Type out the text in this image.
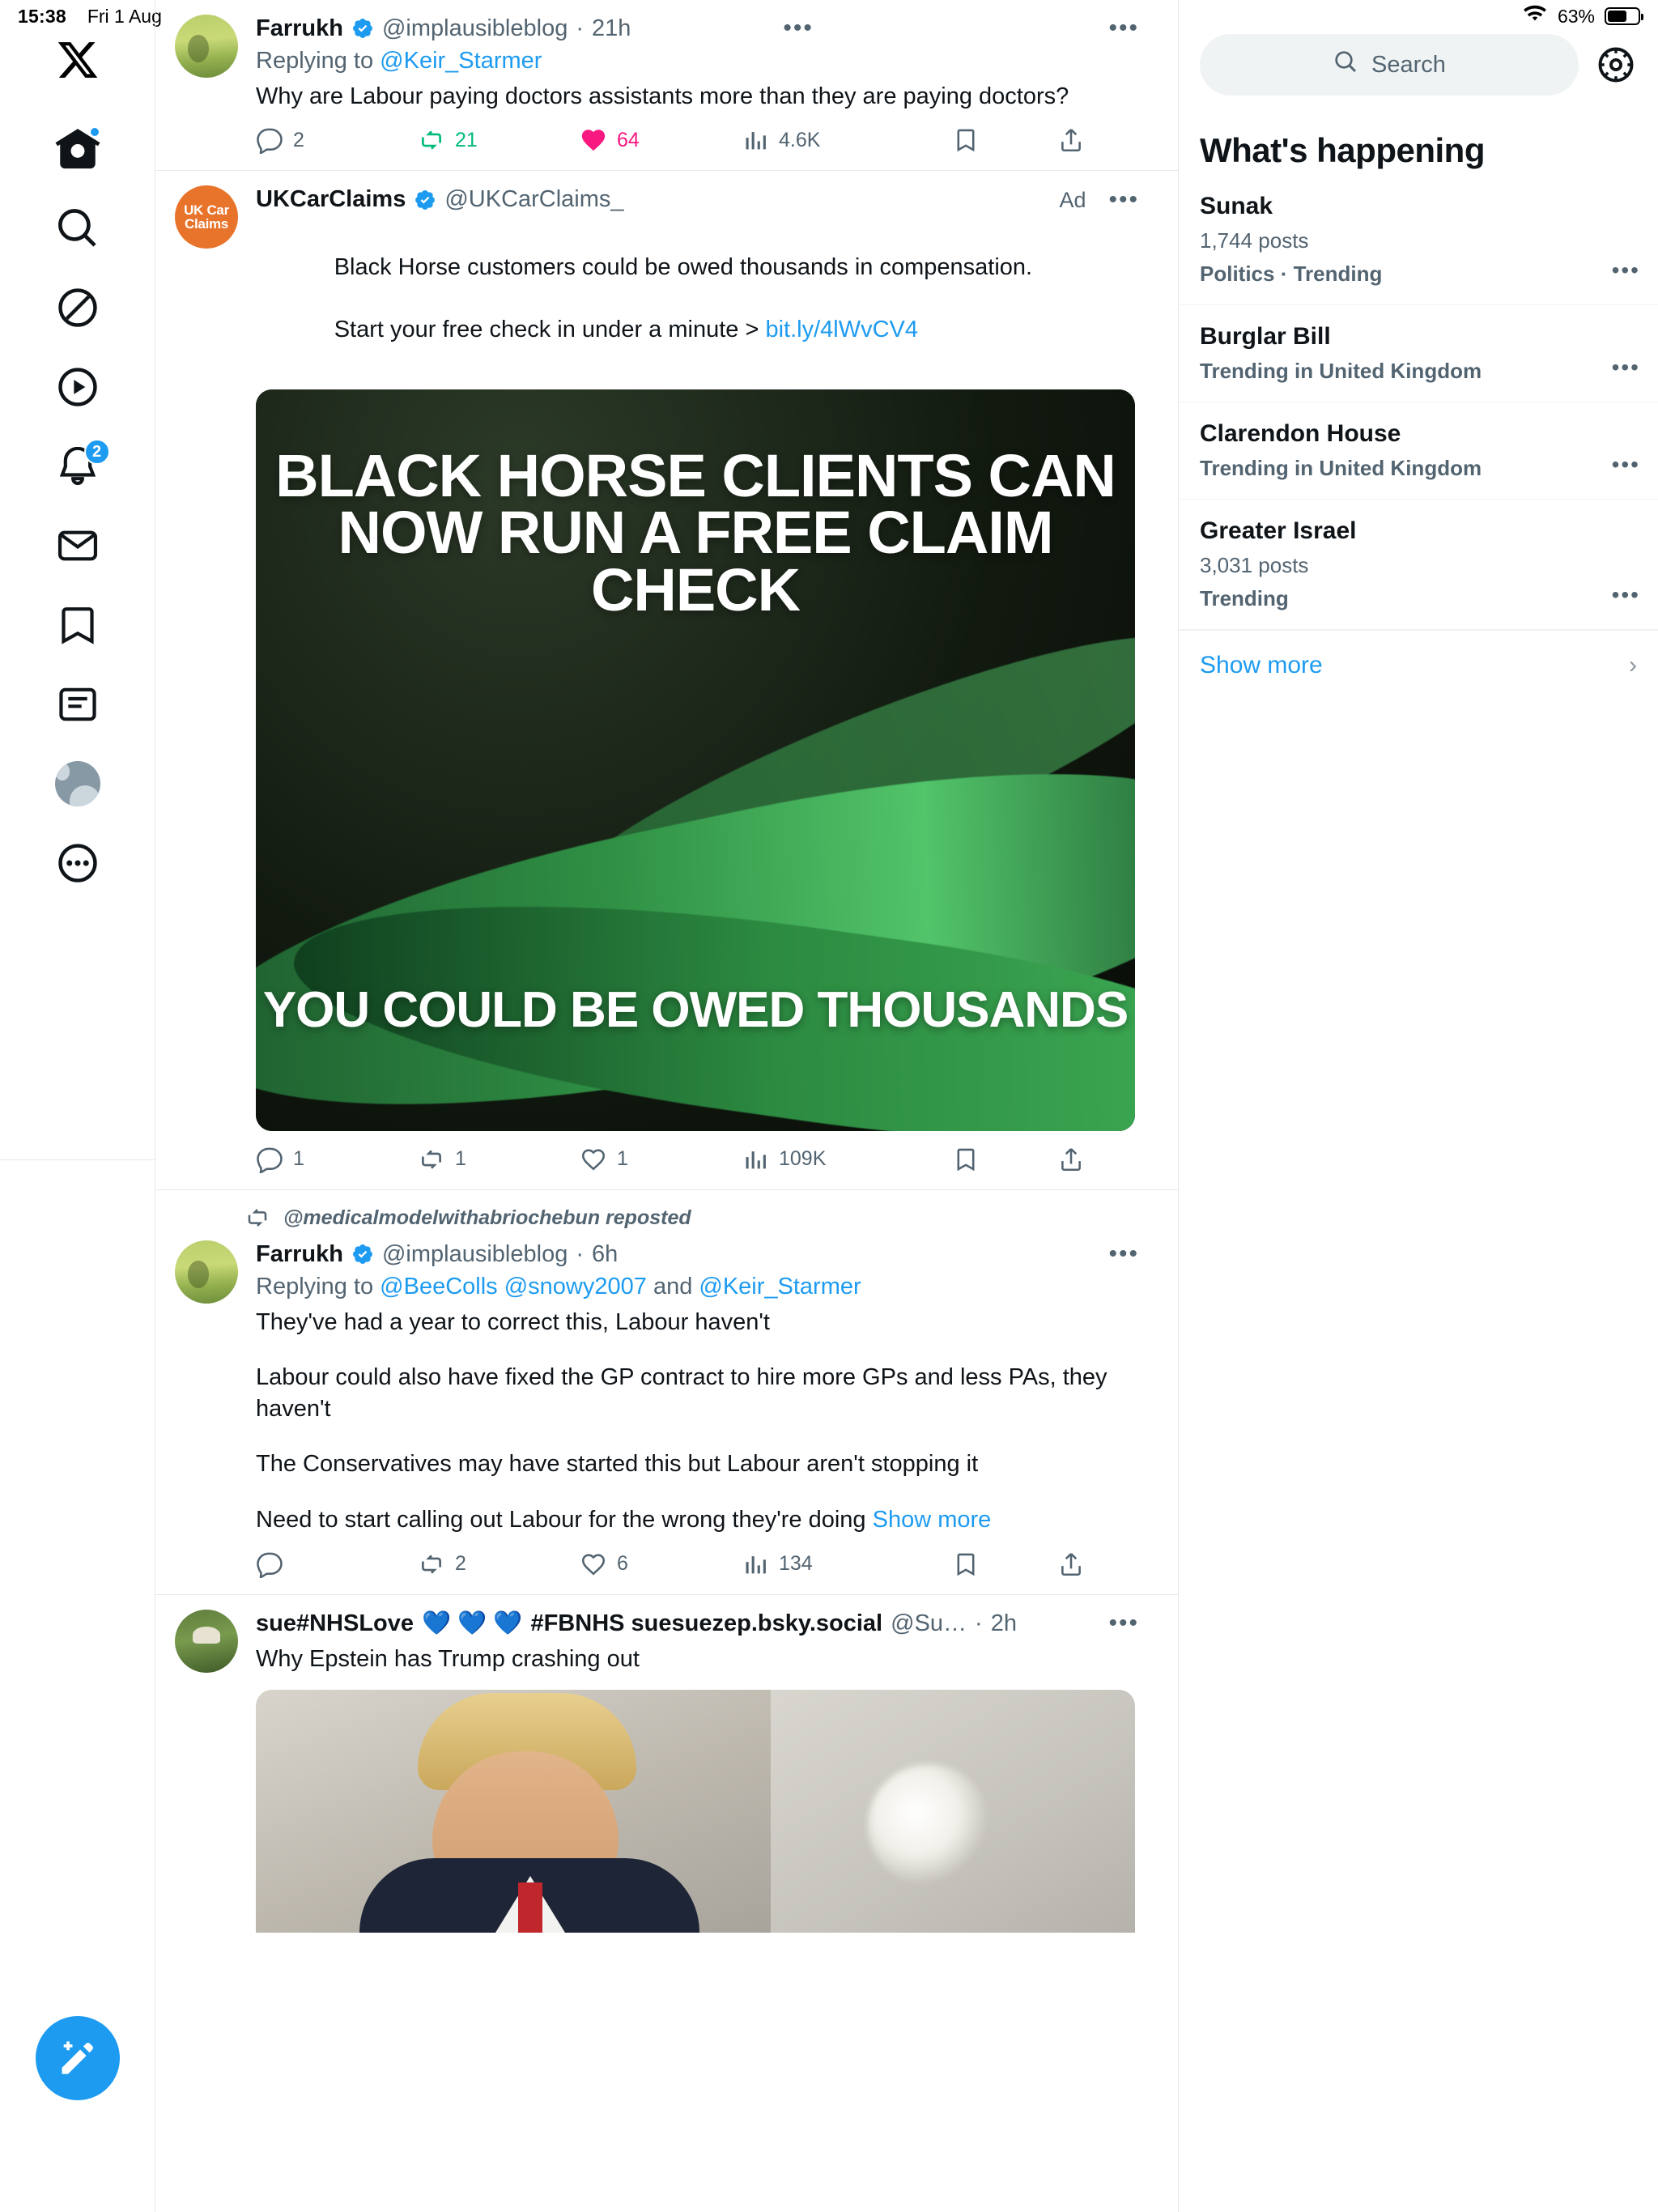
15:38 Fri 1 Aug	63%
2
Farrukh @implausibleblog · 21h	•••	•••
Replying to @Keir_Starmer
Why are Labour paying doctors assistants more than they are paying doctors?
2	21	64	4.6K
UK Car Claims
UKCarClaims @UKCarClaims_	Ad •••

Black Horse customers could be owed thousands in compensation.

Start your free check in under a minute > bit.ly/4lWvCV4

BLACK HORSE CLIENTS CAN NOW RUN A FREE CLAIM CHECK
YOU COULD BE OWED THOUSANDS
1	1	1	109K
@medicalmodelwithabriochebun reposted
Farrukh @implausibleblog · 6h	•••
Replying to @BeeColls @snowy2007 and @Keir_Starmer
They've had a year to correct this, Labour haven't
Labour could also have fixed the GP contract to hire more GPs and less PAs, they haven't
The Conservatives may have started this but Labour aren't stopping it
Need to start calling out Labour for the wrong they're doing Show more
2	6	134
sue#NHSLove 💙 💙 💙 #FBNHS suesuezep.bsky.social @Su… · 2h	•••
Why Epstein has Trump crashing out
Search
What's happening
Sunak
1,744 posts
Politics · Trending	•••
Burglar Bill
Trending in United Kingdom	•••
Clarendon House
Trending in United Kingdom	•••
Greater Israel
3,031 posts
Trending	•••
Show more	›
